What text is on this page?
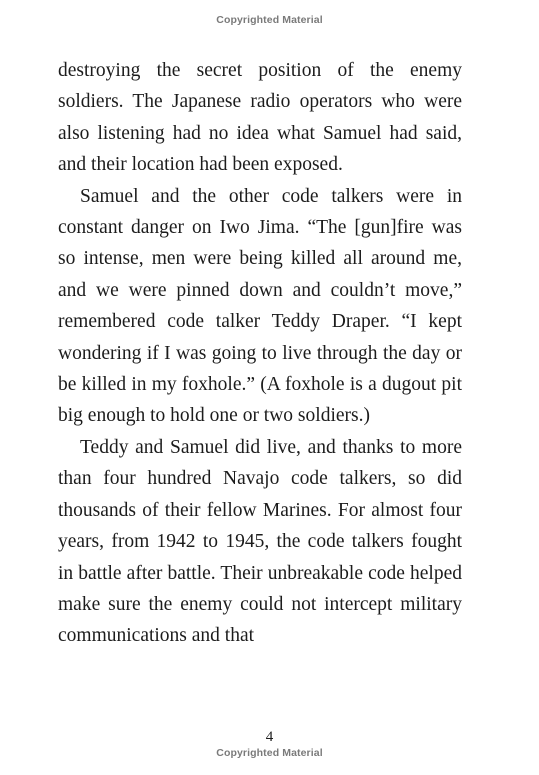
Copyrighted Material

destroying the secret position of the enemy soldiers. The Japanese radio operators who were also listening had no idea what Samuel had said, and their location had been exposed.

Samuel and the other code talkers were in constant danger on Iwo Jima. “The [gun]fire was so intense, men were being killed all around me, and we were pinned down and couldn’t move,” remembered code talker Teddy Draper. “I kept wondering if I was going to live through the day or be killed in my foxhole.” (A foxhole is a dugout pit big enough to hold one or two soldiers.)

Teddy and Samuel did live, and thanks to more than four hundred Navajo code talkers, so did thousands of their fellow Marines. For almost four years, from 1942 to 1945, the code talkers fought in battle after battle. Their unbreakable code helped make sure the enemy could not intercept military communications and that

4
Copyrighted Material
